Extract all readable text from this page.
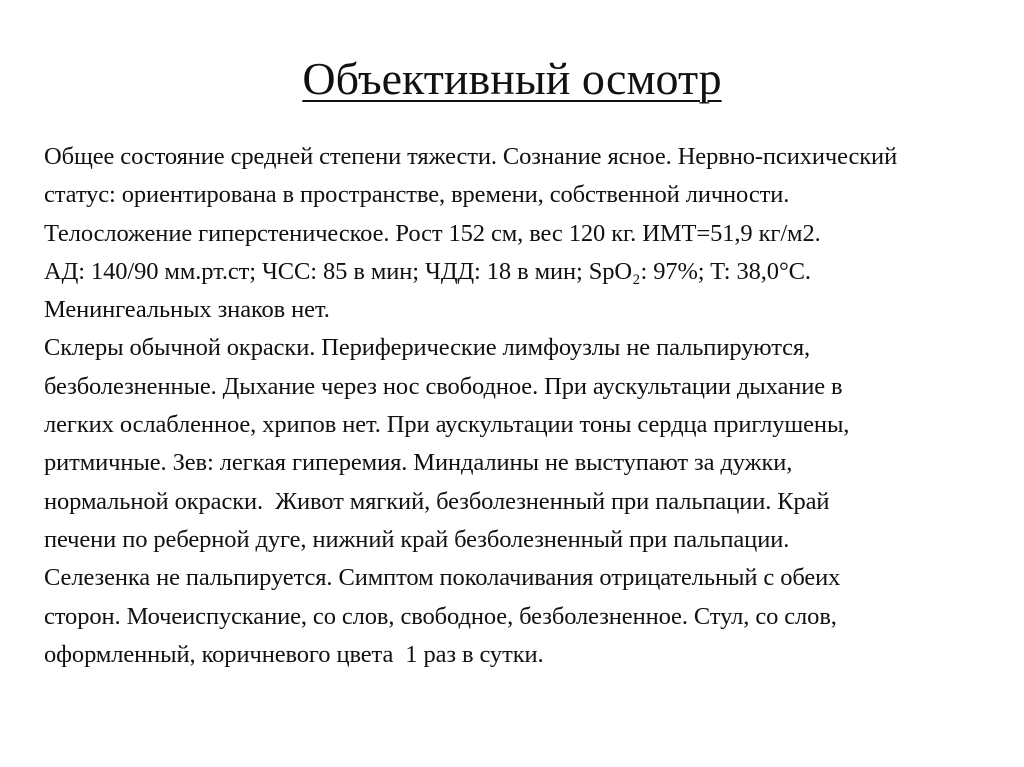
Объективный осмотр
Общее состояние средней степени тяжести. Сознание ясное. Нервно-психический
статус: ориентирована в пространстве, времени, собственной личности.
Телосложение гиперстеническое. Рост 152 см, вес 120 кг. ИМТ=51,9 кг/м2.
АД: 140/90 мм.рт.ст; ЧСС: 85 в мин; ЧДД: 18 в мин; SpO₂: 97%; T: 38,0°C.
Менингеальных знаков нет.
Склеры обычной окраски. Периферические лимфоузлы не пальпируются,
безболезненные. Дыхание через нос свободное. При аускультации дыхание в
легких ослабленное, хрипов нет. При аускультации тоны сердца приглушены,
ритмичные. Зев: легкая гиперемия. Миндалины не выступают за дужки,
нормальной окраски.  Живот мягкий, безболезненный при пальпации. Край
печени по реберной дуге, нижний край безболезненный при пальпации.
Селезенка не пальпируется. Симптом поколачивания отрицательный с обеих
сторон. Мочеиспускание, со слов, свободное, безболезненное. Стул, со слов,
оформленный, коричневого цвета  1 раз в сутки.
